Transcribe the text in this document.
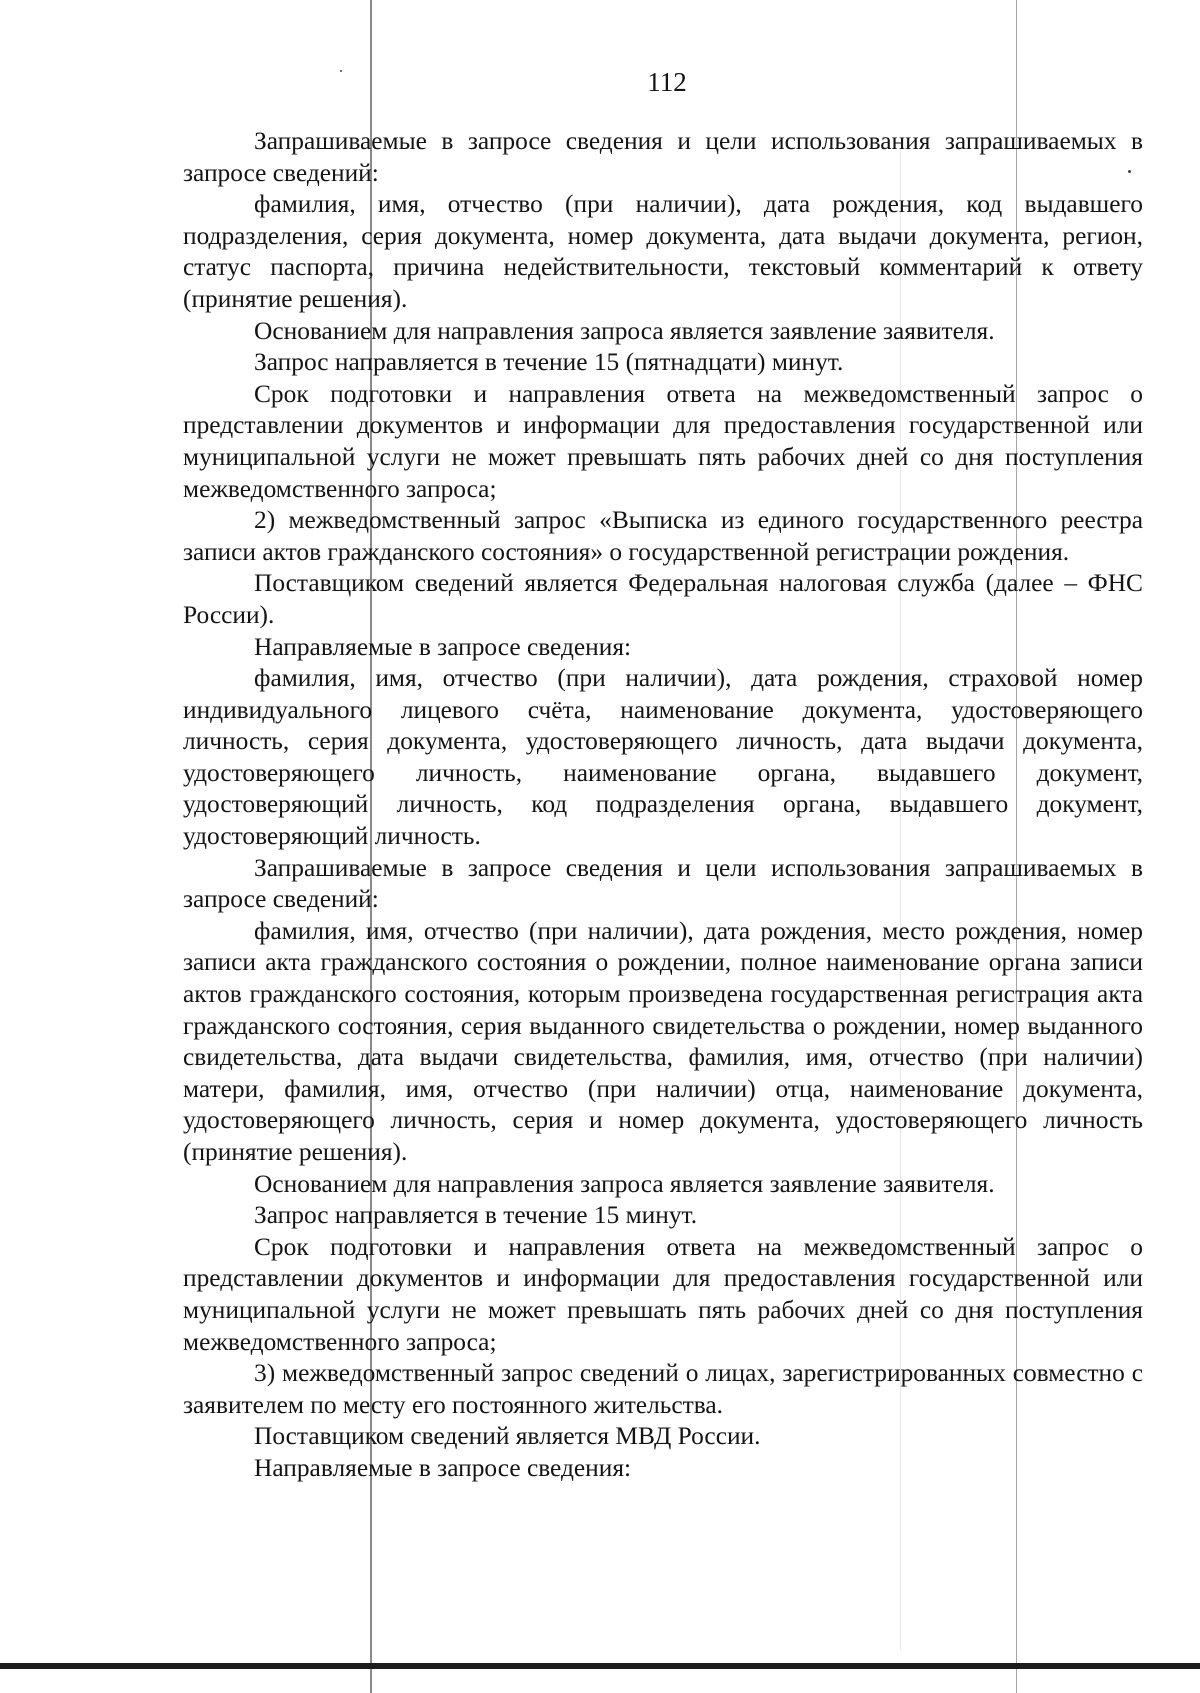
112

Запрашиваемые в запросе сведения и цели использования запрашиваемых в запросе сведений:

фамилия, имя, отчество (при наличии), дата рождения, код выдавшего подразделения, серия документа, номер документа, дата выдачи документа, регион, статус паспорта, причина недействительности, текстовый комментарий к ответу (принятие решения).

Основанием для направления запроса является заявление заявителя.

Запрос направляется в течение 15 (пятнадцати) минут.

Срок подготовки и направления ответа на межведомственный запрос о представлении документов и информации для предоставления государственной или муниципальной услуги не может превышать пять рабочих дней со дня поступления межведомственного запроса;

2) межведомственный запрос «Выписка из единого государственного реестра записи актов гражданского состояния» о государственной регистрации рождения.

Поставщиком сведений является Федеральная налоговая служба (далее – ФНС России).

Направляемые в запросе сведения:

фамилия, имя, отчество (при наличии), дата рождения, страховой номер индивидуального лицевого счёта, наименование документа, удостоверяющего личность, серия документа, удостоверяющего личность, дата выдачи документа, удостоверяющего личность, наименование органа, выдавшего документ, удостоверяющий личность, код подразделения органа, выдавшего документ, удостоверяющий личность.

Запрашиваемые в запросе сведения и цели использования запрашиваемых в запросе сведений:

фамилия, имя, отчество (при наличии), дата рождения, место рождения, номер записи акта гражданского состояния о рождении, полное наименование органа записи актов гражданского состояния, которым произведена государственная регистрация акта гражданского состояния, серия выданного свидетельства о рождении, номер выданного свидетельства, дата выдачи свидетельства, фамилия, имя, отчество (при наличии) матери, фамилия, имя, отчество (при наличии) отца, наименование документа, удостоверяющего личность, серия и номер документа, удостоверяющего личность (принятие решения).

Основанием для направления запроса является заявление заявителя.

Запрос направляется в течение 15 минут.

Срок подготовки и направления ответа на межведомственный запрос о представлении документов и информации для предоставления государственной или муниципальной услуги не может превышать пять рабочих дней со дня поступления межведомственного запроса;

3) межведомственный запрос сведений о лицах, зарегистрированных совместно с заявителем по месту его постоянного жительства.

Поставщиком сведений является МВД России.

Направляемые в запросе сведения:
